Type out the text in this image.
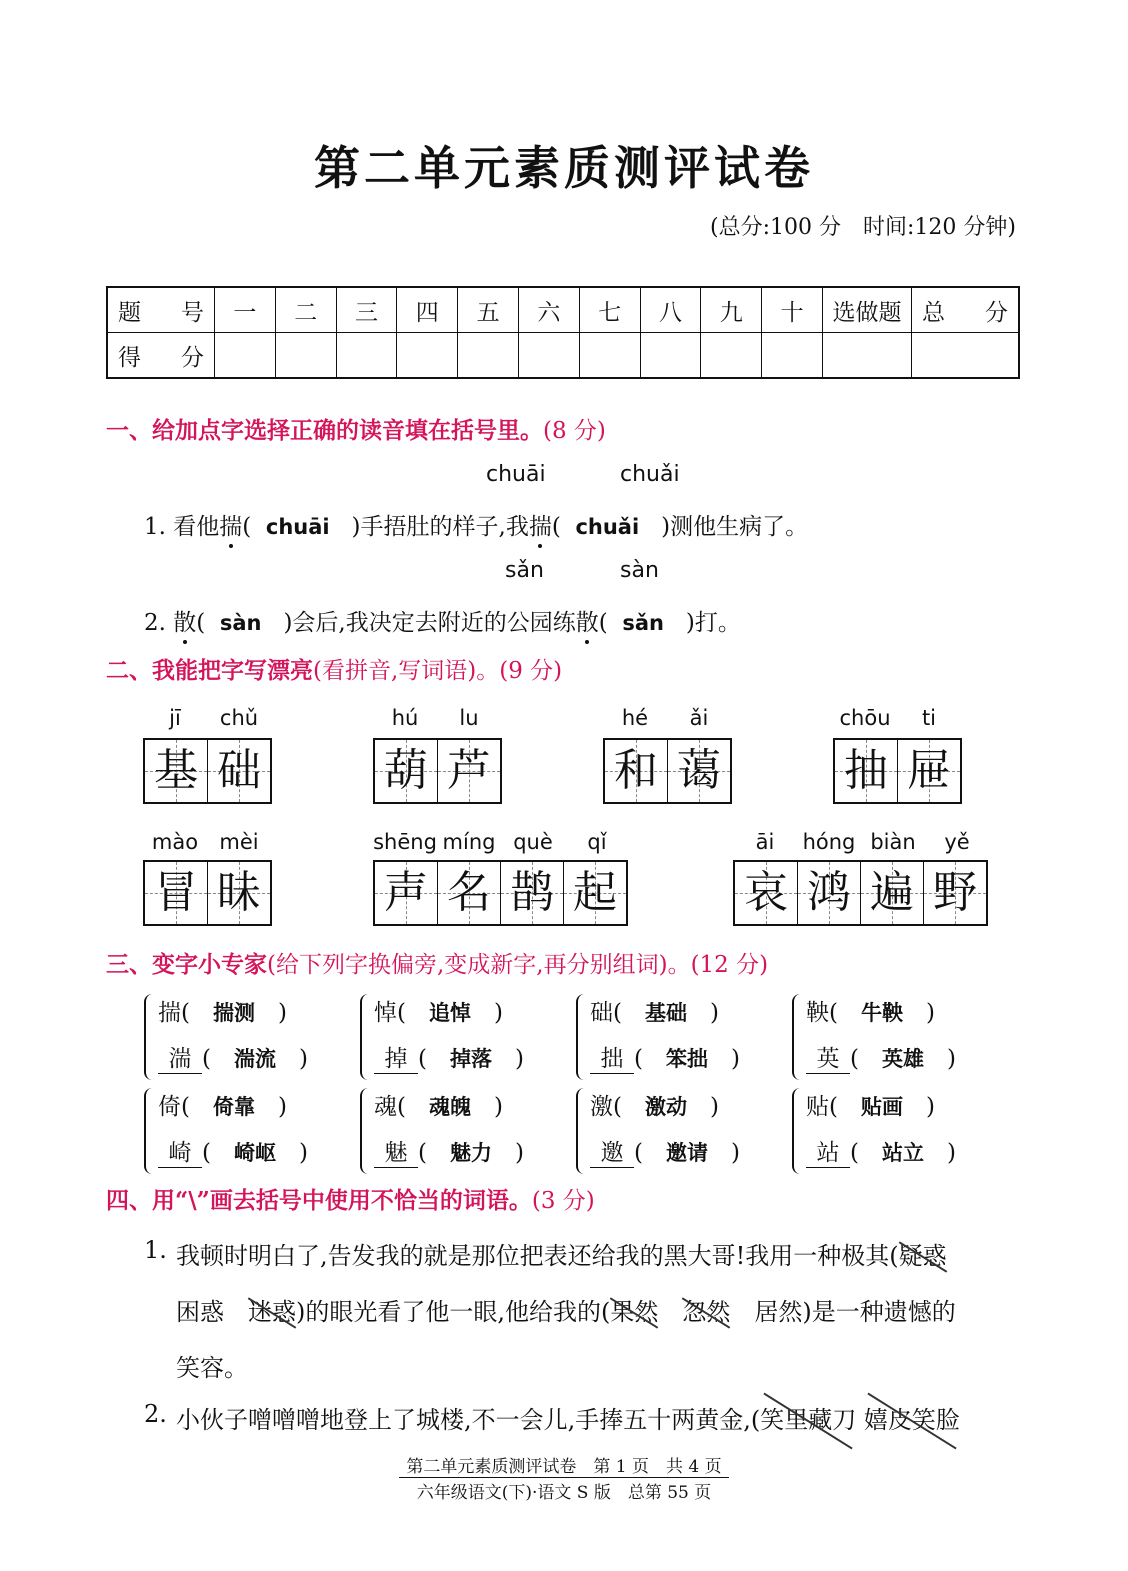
第二单元素质测评试卷
(总分:100 分　时间:120 分钟)
题号	一	二	三	四	五	六	七	八	九	十	选做题	总分
得分												
一、给加点字选择正确的读音填在括号里。(8 分)
chuāi	chuǎi
1. 看他揣( chuāi )手捂肚的样子,我揣( chuǎi )测他生病了。
sǎn	sàn
2. 散( sàn )会后,我决定去附近的公园练散( sǎn )打。
二、我能把字写漂亮(看拼音,写词语)。(9 分)
jī	chǔ
基 础
hú	lu
葫 芦
hé	ǎi
和 蔼
chōu	ti
抽 屉
mào	mèi
冒 昧
shēng míng què	qǐ
声 名 鹊 起
āi	hóng biàn	yě
哀 鸿 遍 野
三、变字小专家(给下列字换偏旁,变成新字,再分别组词)。(12 分)
揣(　揣测　)
湍 (　湍流　)
悼(　追悼　)
掉 (　掉落　)
础(　基础　)
拙 (　笨拙　)
鞅(　牛鞅　)
英 (　英雄　)
倚(　倚靠　)
崎 (　崎岖　)
魂(　魂魄　)
魅 (　魅力　)
激(　激动　)
邀 (　邀请　)
贴(　贴画　)
站 (　站立　)
四、用“\”画去括号中使用不恰当的词语。(3 分)
1. 我顿时明白了,告发我的就是那位把表还给我的黑大哥!我用一种极其(疑惑
困惑　迷惑)的眼光看了他一眼,他给我的(果然　 忽然　居然)是一种遗憾的
笑容。
2. 小伙子噌噌噌地登上了城楼,不一会儿,手捧五十两黄金,(笑里藏刀 嬉皮笑脸
第二单元素质测评试卷　第 1 页　共 4 页
六年级语文(下)·语文 S 版　总第 55 页
